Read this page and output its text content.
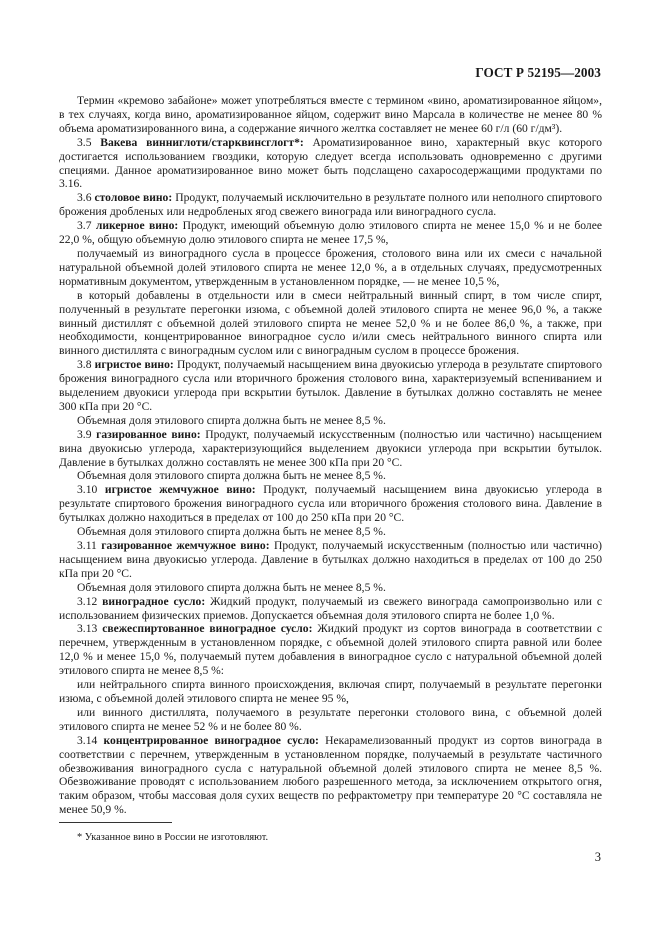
ГОСТ Р 52195—2003

Термин «кремово забайоне» может употребляться вместе с термином «вино, ароматизированное яйцом», в тех случаях, когда вино, ароматизированное яйцом, содержит вино Марсала в количестве не менее 80 % объема ароматизированного вина, а содержание яичного желтка составляет не менее 60 г/л (60 г/дм³).

3.5 Вакева винниглоти/старквинсглогт*: Ароматизированное вино, характерный вкус которого достигается использованием гвоздики, которую следует всегда использовать одновременно с другими специями. Данное ароматизированное вино может быть подслащено сахаросодержащими продуктами по 3.16.

3.6 столовое вино: Продукт, получаемый исключительно в результате полного или неполного спиртового брожения дробленых или недробленых ягод свежего винограда или виноградного сусла.

3.7 ликерное вино: Продукт, имеющий объемную долю этилового спирта не менее 15,0 % и не более 22,0 %, общую объемную долю этилового спирта не менее 17,5 %,

получаемый из виноградного сусла в процессе брожения, столового вина или их смеси с начальной натуральной объемной долей этилового спирта не менее 12,0 %, а в отдельных случаях, предусмотренных нормативным документом, утвержденным в установленном порядке, — не менее 10,5 %,

в который добавлены в отдельности или в смеси нейтральный винный спирт, в том числе спирт, полученный в результате перегонки изюма, с объемной долей этилового спирта не менее 96,0 %, а также винный дистиллят с объемной долей этилового спирта не менее 52,0 % и не более 86,0 %, а также, при необходимости, концентрированное виноградное сусло и/или смесь нейтрального винного спирта или винного дистиллята с виноградным суслом или с виноградным суслом в процессе брожения.

3.8 игристое вино: Продукт, получаемый насыщением вина двуокисью углерода в результате спиртового брожения виноградного сусла или вторичного брожения столового вина, характеризуемый вспениванием и выделением двуокиси углерода при вскрытии бутылок. Давление в бутылках должно составлять не менее 300 кПа при 20 °С.

Объемная доля этилового спирта должна быть не менее 8,5 %.

3.9 газированное вино: Продукт, получаемый искусственным (полностью или частично) насыщением вина двуокисью углерода, характеризующийся выделением двуокиси углерода при вскрытии бутылок. Давление в бутылках должно составлять не менее 300 кПа при 20 °С.

Объемная доля этилового спирта должна быть не менее 8,5 %.

3.10 игристое жемчужное вино: Продукт, получаемый насыщением вина двуокисью углерода в результате спиртового брожения виноградного сусла или вторичного брожения столового вина. Давление в бутылках должно находиться в пределах от 100 до 250 кПа при 20 °С.

Объемная доля этилового спирта должна быть не менее 8,5 %.

3.11 газированное жемчужное вино: Продукт, получаемый искусственным (полностью или частично) насыщением вина двуокисью углерода. Давление в бутылках должно находиться в пределах от 100 до 250 кПа при 20 °С.

Объемная доля этилового спирта должна быть не менее 8,5 %.

3.12 виноградное сусло: Жидкий продукт, получаемый из свежего винограда самопроизвольно или с использованием физических приемов. Допускается объемная доля этилового спирта не более 1,0 %.

3.13 свежеспиртованное виноградное сусло: Жидкий продукт из сортов винограда в соответствии с перечнем, утвержденным в установленном порядке, с объемной долей этилового спирта равной или более 12,0 % и менее 15,0 %, получаемый путем добавления в виноградное сусло с натуральной объемной долей этилового спирта не менее 8,5 %:

или нейтрального спирта винного происхождения, включая спирт, получаемый в результате перегонки изюма, с объемной долей этилового спирта не менее 95 %,

или винного дистиллята, получаемого в результате перегонки столового вина, с объемной долей этилового спирта не менее 52 % и не более 80 %.

3.14 концентрированное виноградное сусло: Некарамелизованный продукт из сортов винограда в соответствии с перечнем, утвержденным в установленном порядке, получаемый в результате частичного обезвоживания виноградного сусла с натуральной объемной долей этилового спирта не менее 8,5 %. Обезвоживание проводят с использованием любого разрешенного метода, за исключением открытого огня, таким образом, чтобы массовая доля сухих веществ по рефрактометру при температуре 20 °С составляла не менее 50,9 %.

* Указанное вино в России не изготовляют.
3
